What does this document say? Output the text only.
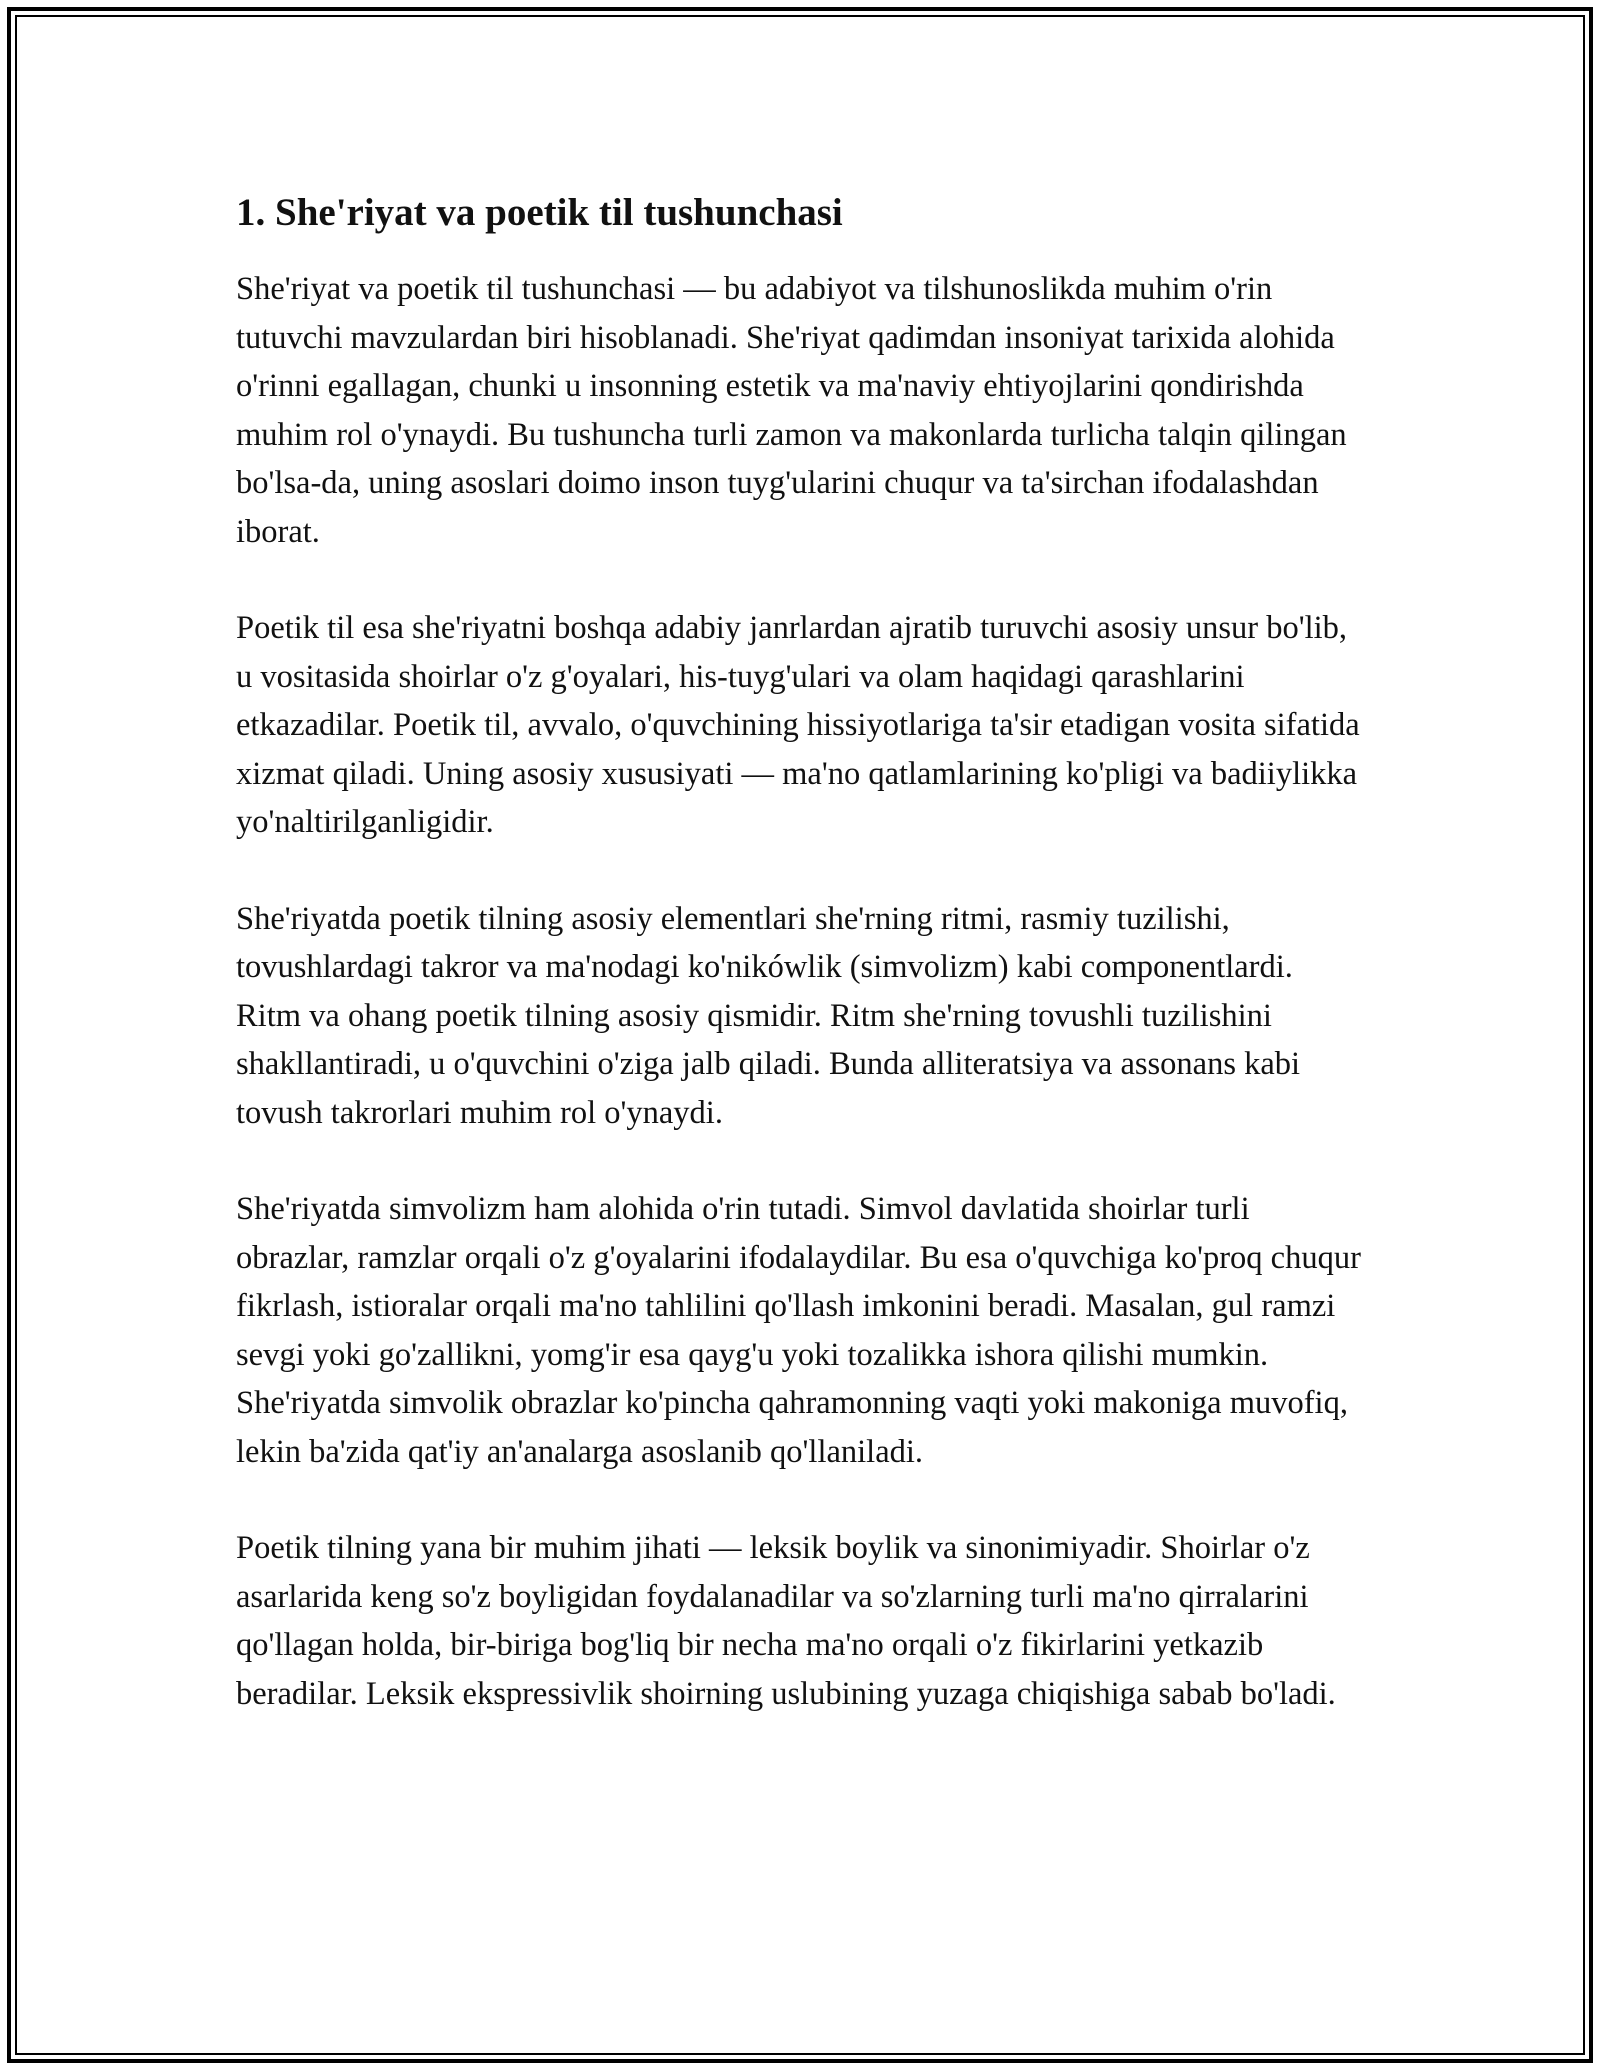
1. She'riyat va poetik til tushunchasi

She'riyat va poetik til tushunchasi — bu adabiyot va tilshunoslikda muhim o'rin tutuvchi mavzulardan biri hisoblanadi. She'riyat qadimdan insoniyat tarixida alohida o'rinni egallagan, chunki u insonning estetik va ma'naviy ehtiyojlarini qondirishda muhim rol o'ynaydi. Bu tushuncha turli zamon va makonlarda turlicha talqin qilingan bo'lsa-da, uning asoslari doimo inson tuyg'ularini chuqur va ta'sirchan ifodalashdan iborat.

Poetik til esa she'riyatni boshqa adabiy janrlardan ajratib turuvchi asosiy unsur bo'lib, u vositasida shoirlar o'z g'oyalari, his-tuyg'ulari va olam haqidagi qarashlarini etkazadilar. Poetik til, avvalo, o'quvchining hissiyotlariga ta'sir etadigan vosita sifatida xizmat qiladi. Uning asosiy xususiyati — ma'no qatlamlarining ko'pligi va badiiylikka yo'naltirilganligidir.

She'riyatda poetik tilning asosiy elementlari she'rning ritmi, rasmiy tuzilishi, tovushlardagi takror va ma'nodagi ko'nikówlik (simvolizm) kabi componentlardi. Ritm va ohang poetik tilning asosiy qismidir. Ritm she'rning tovushli tuzilishini shakllantiradi, u o'quvchini o'ziga jalb qiladi. Bunda alliteratsiya va assonans kabi tovush takrorlari muhim rol o'ynaydi.

She'riyatda simvolizm ham alohida o'rin tutadi. Simvol davlatida shoirlar turli obrazlar, ramzlar orqali o'z g'oyalarini ifodalaydilar. Bu esa o'quvchiga ko'proq chuqur fikrlash, istioralar orqali ma'no tahlilini qo'llash imkonini beradi. Masalan, gul ramzi sevgi yoki go'zallikni, yomg'ir esa qayg'u yoki tozalikka ishora qilishi mumkin. She'riyatda simvolik obrazlar ko'pincha qahramonning vaqti yoki makoniga muvofiq, lekin ba'zida qat'iy an'analarga asoslanib qo'llaniladi.

Poetik tilning yana bir muhim jihati — leksik boylik va sinonimiyadir. Shoirlar o'z asarlarida keng so'z boyligidan foydalanadilar va so'zlarning turli ma'no qirralarini qo'llagan holda, bir-biriga bog'liq bir necha ma'no orqali o'z fikirlarini yetkazib beradilar. Leksik ekspressivlik shoirning uslubining yuzaga chiqishiga sabab bo'ladi.
